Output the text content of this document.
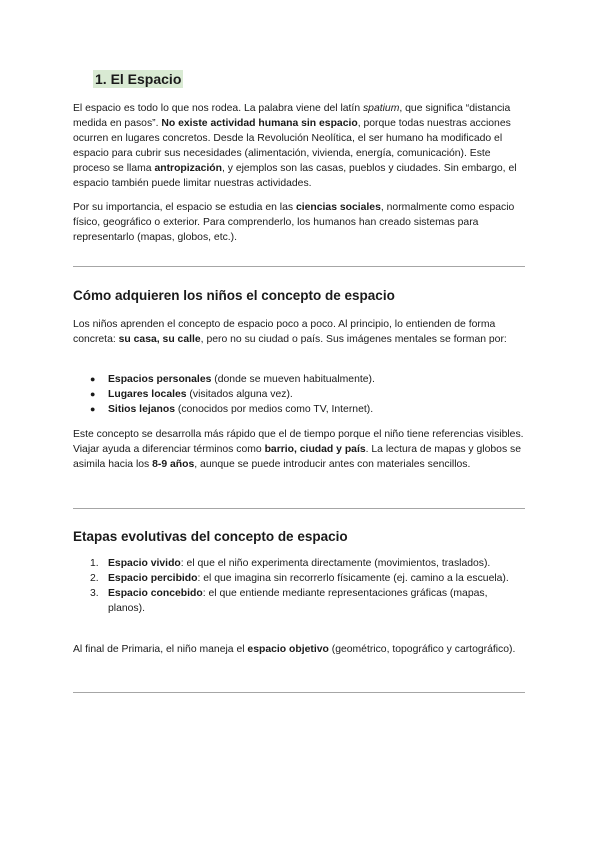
1. El Espacio

El espacio es todo lo que nos rodea. La palabra viene del latín spatium, que significa “distancia medida en pasos”. No existe actividad humana sin espacio, porque todas nuestras acciones ocurren en lugares concretos. Desde la Revolución Neolítica, el ser humano ha modificado el espacio para cubrir sus necesidades (alimentación, vivienda, energía, comunicación). Este proceso se llama antropización, y ejemplos son las casas, pueblos y ciudades. Sin embargo, el espacio también puede limitar nuestras actividades.

Por su importancia, el espacio se estudia en las ciencias sociales, normalmente como espacio físico, geográfico o exterior. Para comprenderlo, los humanos han creado sistemas para representarlo (mapas, globos, etc.).

Cómo adquieren los niños el concepto de espacio

Los niños aprenden el concepto de espacio poco a poco. Al principio, lo entienden de forma concreta: su casa, su calle, pero no su ciudad o país. Sus imágenes mentales se forman por:

● Espacios personales (donde se mueven habitualmente).
● Lugares locales (visitados alguna vez).
● Sitios lejanos (conocidos por medios como TV, Internet).

Este concepto se desarrolla más rápido que el de tiempo porque el niño tiene referencias visibles. Viajar ayuda a diferenciar términos como barrio, ciudad y país. La lectura de mapas y globos se asimila hacia los 8-9 años, aunque se puede introducir antes con materiales sencillos.

Etapas evolutivas del concepto de espacio
1. Espacio vivido: el que el niño experimenta directamente (movimientos, traslados).
2. Espacio percibido: el que imagina sin recorrerlo físicamente (ej. camino a la escuela).
3. Espacio concebido: el que entiende mediante representaciones gráficas (mapas, planos).

Al final de Primaria, el niño maneja el espacio objetivo (geométrico, topográfico y cartográfico).
